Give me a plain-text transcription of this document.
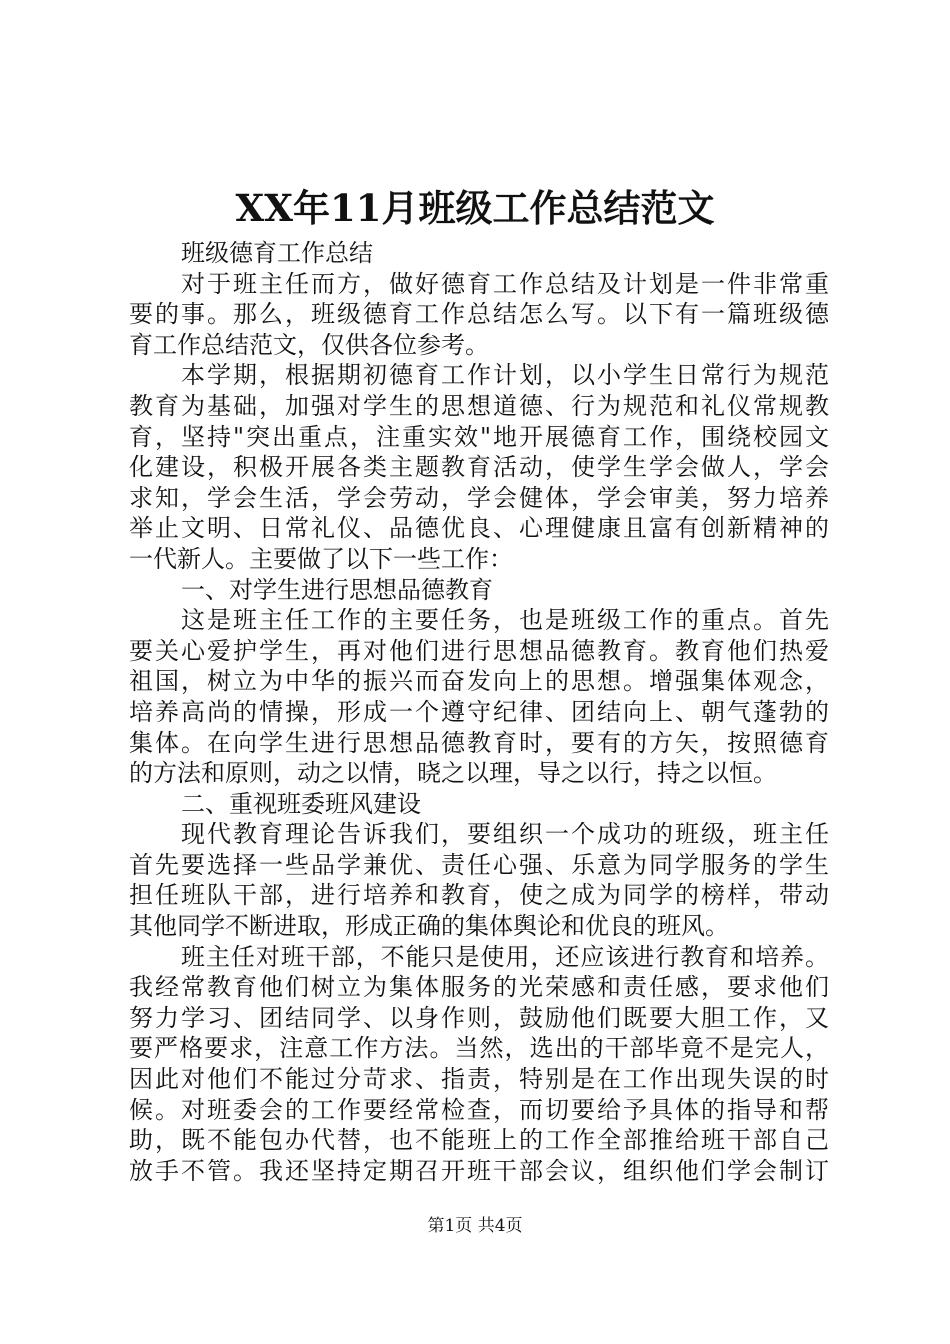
XX年11月班级工作总结范文
班级德育工作总结
对于班主任而方，做好德育工作总结及计划是一件非常重
要的事。那么，班级德育工作总结怎么写。以下有一篇班级德
育工作总结范文，仅供各位参考。
本学期，根据期初德育工作计划，以小学生日常行为规范
教育为基础，加强对学生的思想道德、行为规范和礼仪常规教
育，坚持"突出重点，注重实效"地开展德育工作，围绕校园文
化建设，积极开展各类主题教育活动，使学生学会做人，学会
求知，学会生活，学会劳动，学会健体，学会审美，努力培养
举止文明、日常礼仪、品德优良、心理健康且富有创新精神的
一代新人。主要做了以下一些工作：
一、对学生进行思想品德教育
这是班主任工作的主要任务，也是班级工作的重点。首先
要关心爱护学生，再对他们进行思想品德教育。教育他们热爱
祖国，树立为中华的振兴而奋发向上的思想。增强集体观念，
培养高尚的情操，形成一个遵守纪律、团结向上、朝气蓬勃的
集体。在向学生进行思想品德教育时，要有的方矢，按照德育
的方法和原则，动之以情，晓之以理，导之以行，持之以恒。
二、重视班委班风建设
现代教育理论告诉我们，要组织一个成功的班级，班主任
首先要选择一些品学兼优、责任心强、乐意为同学服务的学生
担任班队干部，进行培养和教育，使之成为同学的榜样，带动
其他同学不断进取，形成正确的集体舆论和优良的班风。
班主任对班干部，不能只是使用，还应该进行教育和培养。
我经常教育他们树立为集体服务的光荣感和责任感，要求他们
努力学习、团结同学、以身作则，鼓励他们既要大胆工作，又
要严格要求，注意工作方法。当然，选出的干部毕竟不是完人，
因此对他们不能过分苛求、指责，特别是在工作出现失误的时
候。对班委会的工作要经常检查，而切要给予具体的指导和帮
助，既不能包办代替，也不能班上的工作全部推给班干部自己
放手不管。我还坚持定期召开班干部会议，组织他们学会制订
第1页 共4页
